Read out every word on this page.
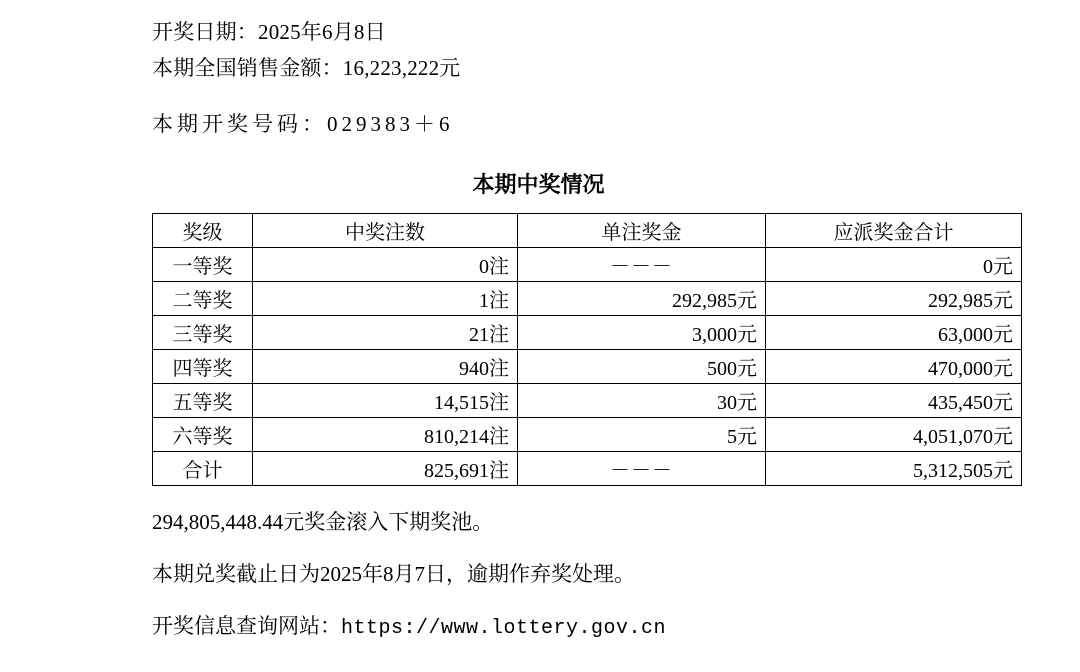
开奖日期：2025年6月8日
本期全国销售金额：16,223,222元
本期开奖号码：029383＋6
本期中奖情况
奖级	中奖注数	单注奖金	应派奖金合计
一等奖	0注	－－－	0元
二等奖	1注	292,985元	292,985元
三等奖	21注	3,000元	63,000元
四等奖	940注	500元	470,000元
五等奖	14,515注	30元	435,450元
六等奖	810,214注	5元	4,051,070元
合计	825,691注	－－－	5,312,505元
294,805,448.44元奖金滚入下期奖池。
本期兑奖截止日为2025年8月7日，逾期作弃奖处理。
开奖信息查询网站：https://www.lottery.gov.cn
